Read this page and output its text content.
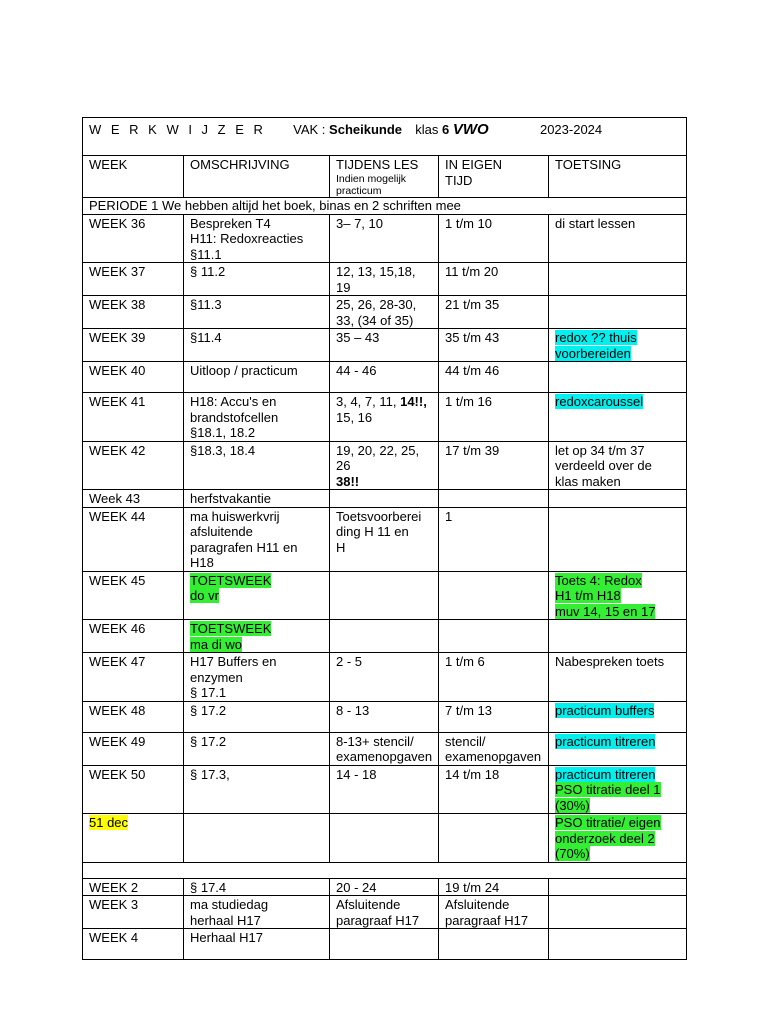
W E R K W I J Z E R VAK : Scheikunde klas 6 VWO 2023-2024				
WEEK	OMSCHRIJVING	TIJDENS LES
Indien mogelijk
practicum	IN EIGEN
TIJD	TOETSING
PERIODE 1 We hebben altijd het boek, binas en 2 schriften mee				

WEEK 36	Bespreken T4
H11: Redoxreacties
§11.1	3– 7, 10	1 t/m 10	di start lessen

WEEK 37	§ 11.2	12, 13, 15,18,
19	11 t/m 20	

WEEK 38	§11.3	25, 26, 28-30,
33, (34 of 35)	21 t/m 35	

WEEK 39	§11.4	35 – 43	35 t/m 43	redox ?? thuis
voorbereiden

WEEK 40	Uitloop / practicum	44 - 46	44 t/m 46	

WEEK 41	H18: Accu's en
brandstofcellen
§18.1, 18.2	3, 4, 7, 11, 14!!,
15, 16	1 t/m 16	redoxcaroussel

WEEK 42	§18.3, 18.4	19, 20, 22, 25,
26
38!!	17 t/m 39	let op 34 t/m 37
verdeeld over de
klas maken

Week 43	herfstvakantie			

WEEK 44	ma huiswerkvrij
afsluitende
paragrafen H11 en
H18	Toetsvoorberei
ding H 11 en
H	1	

WEEK 45	TOETSWEEK
do vr			Toets 4: Redox
H1 t/m H18
muv 14, 15 en 17

WEEK 46	TOETSWEEK
ma di wo			

WEEK 47	H17 Buffers en
enzymen
§ 17.1	2 - 5	1 t/m 6	Nabespreken toets

WEEK 48	§ 17.2	8 - 13	7 t/m 13	practicum buffers

WEEK 49	§ 17.2	8-13+ stencil/
examenopgaven	stencil/
examenopgaven	practicum titreren

WEEK 50	§ 17.3,	14 - 18	14 t/m 18	practicum titreren
PSO titratie deel 1
(30%)

51 dec				PSO titratie/ eigen
onderzoek deel 2
(70%)

WEEK 2	§ 17.4	20 - 24	19 t/m 24	

WEEK 3	ma studiedag
herhaal H17	Afsluitende
paragraaf H17	Afsluitende
paragraaf H17	

WEEK 4	Herhaal H17			
